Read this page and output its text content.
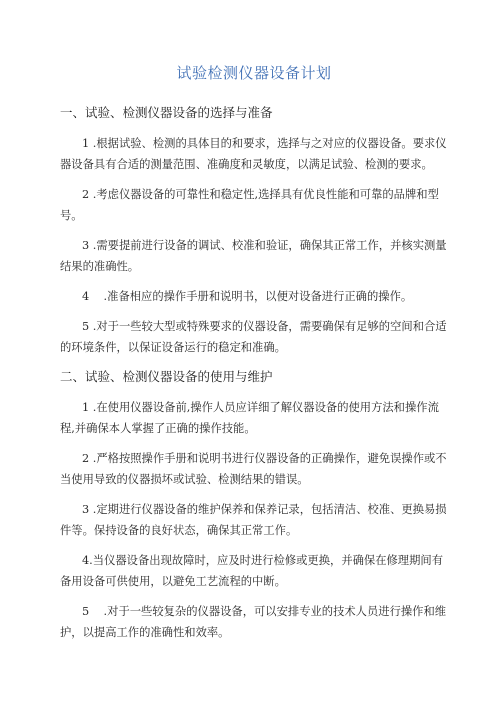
试验检测仪器设备计划
一、试验、检测仪器设备的选择与准备

1 .根据试验、检测的具体目的和要求，选择与之对应的仪器设备。要求仪器设备具有合适的测量范围、准确度和灵敏度，以满足试验、检测的要求。

2 .考虑仪器设备的可靠性和稳定性,选择具有优良性能和可靠的品牌和型号。

3 .需要提前进行设备的调试、校准和验证，确保其正常工作，并核实测量结果的准确性。

4    .准备相应的操作手册和说明书，以便对设备进行正确的操作。

5 .对于一些较大型或特殊要求的仪器设备，需要确保有足够的空间和合适的环境条件，以保证设备运行的稳定和准确。

二、试验、检测仪器设备的使用与维护

1 .在使用仪器设备前,操作人员应详细了解仪器设备的使用方法和操作流程,并确保本人掌握了正确的操作技能。

2 .严格按照操作手册和说明书进行仪器设备的正确操作，避免误操作或不当使用导致的仪器损坏或试验、检测结果的错误。

3 .定期进行仪器设备的维护保养和保养记录，包括清洁、校准、更换易损件等。保持设备的良好状态，确保其正常工作。

4.当仪器设备出现故障时，应及时进行检修或更换，并确保在修理期间有备用设备可供使用，以避免工艺流程的中断。

5    .对于一些较复杂的仪器设备，可以安排专业的技术人员进行操作和维护，以提高工作的准确性和效率。
